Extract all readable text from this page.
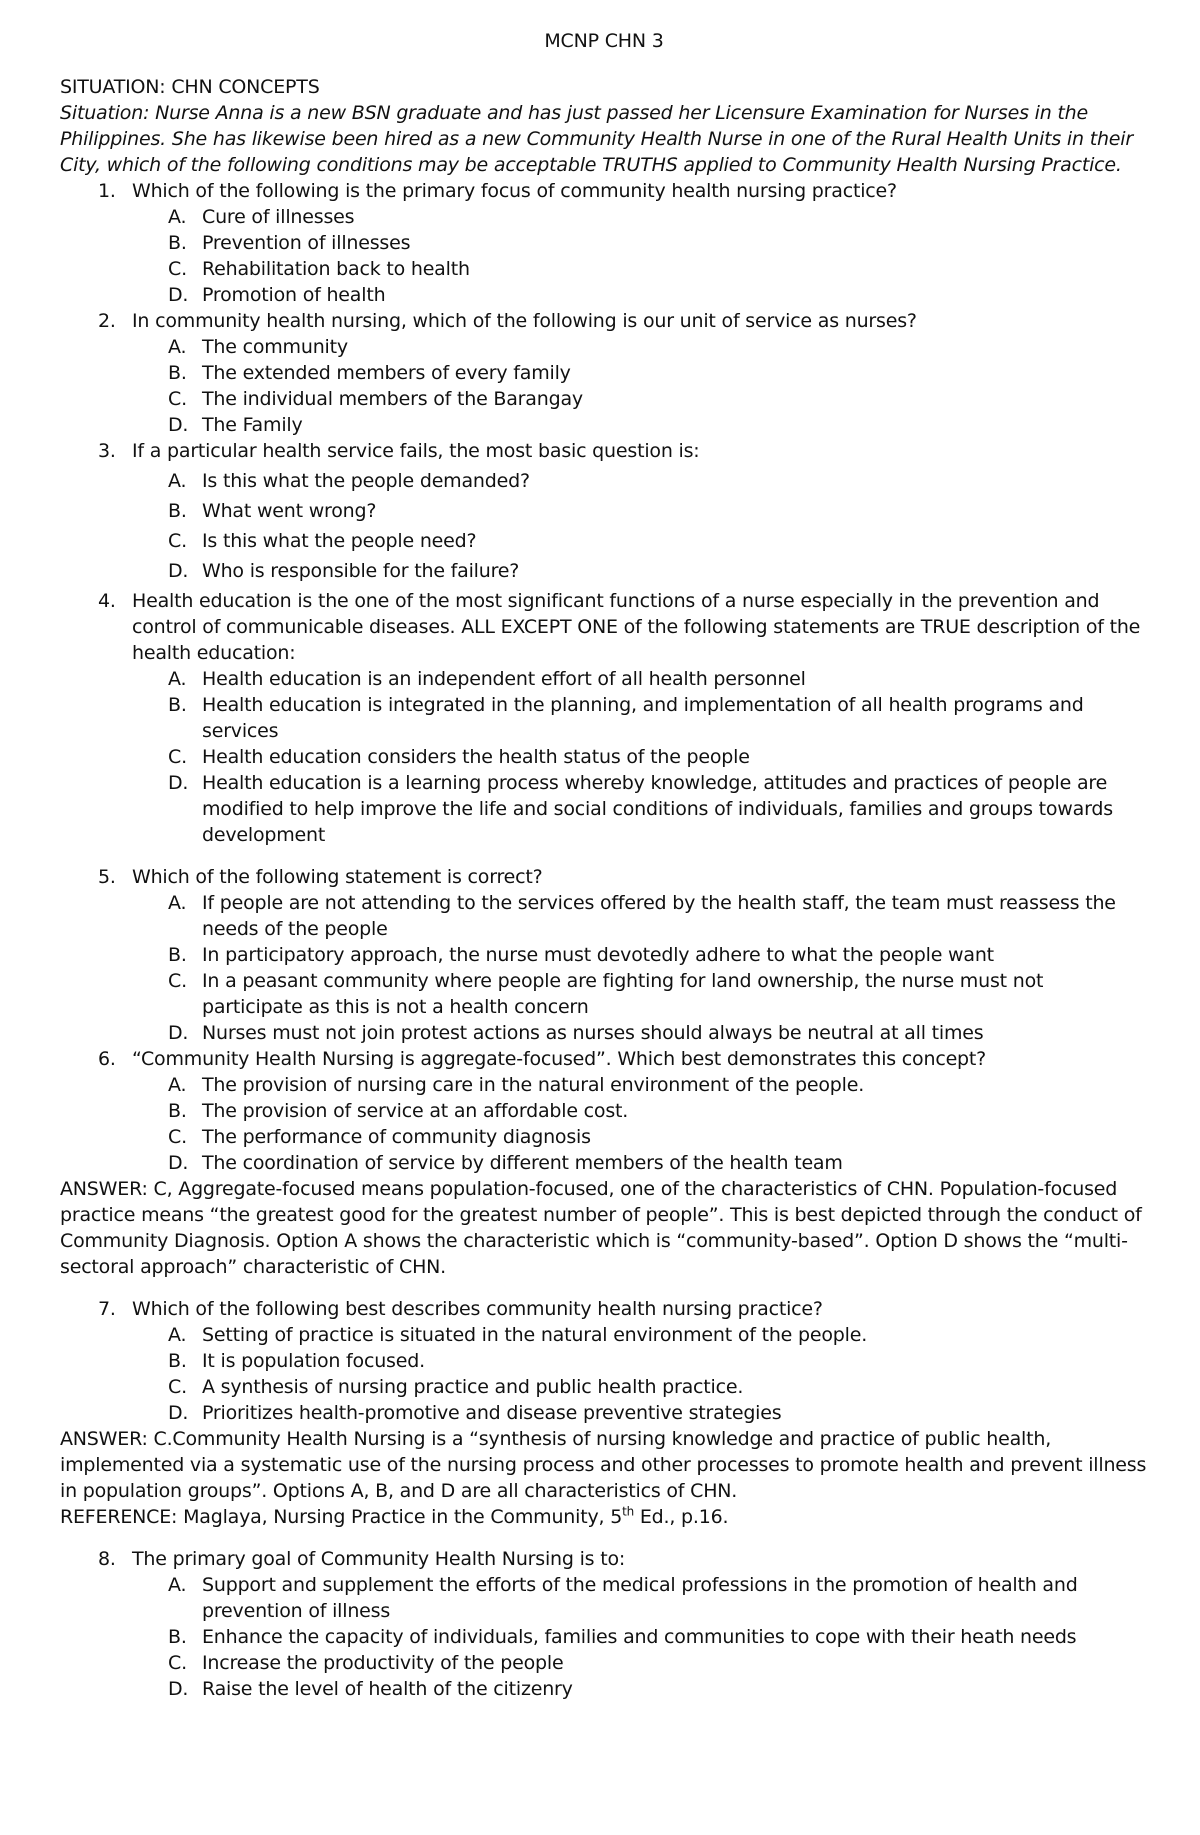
MCNP CHN 3
SITUATION: CHN CONCEPTS
Situation: Nurse Anna is a new BSN graduate and has just passed her Licensure Examination for Nurses in the Philippines. She has likewise been hired as a new Community Health Nurse in one of the Rural Health Units in their City, which of the following conditions may be acceptable TRUTHS applied to Community Health Nursing Practice.
1. Which of the following is the primary focus of community health nursing practice?
A. Cure of illnesses
B. Prevention of illnesses
C. Rehabilitation back to health
D. Promotion of health
2. In community health nursing, which of the following is our unit of service as nurses?
A. The community
B. The extended members of every family
C. The individual members of the Barangay
D. The Family
3. If a particular health service fails, the most basic question is:
A. Is this what the people demanded?
B. What went wrong?
C. Is this what the people need?
D. Who is responsible for the failure?
4. Health education is the one of the most significant functions of a nurse especially in the prevention and control of communicable diseases. ALL EXCEPT ONE of the following statements are TRUE description of the health education:
A. Health education is an independent effort of all health personnel
B. Health education is integrated in the planning, and implementation of all health programs and services
C. Health education considers the health status of the people
D. Health education is a learning process whereby knowledge, attitudes and practices of people are modified to help improve the life and social conditions of individuals, families and groups towards development
5. Which of the following statement is correct?
A. If people are not attending to the services offered by the health staff, the team must reassess the needs of the people
B. In participatory approach, the nurse must devotedly adhere to what the people want
C. In a peasant community where people are fighting for land ownership, the nurse must not participate as this is not a health concern
D. Nurses must not join protest actions as nurses should always be neutral at all times
6. “Community Health Nursing is aggregate-focused”. Which best demonstrates this concept?
A. The provision of nursing care in the natural environment of the people.
B. The provision of service at an affordable cost.
C. The performance of community diagnosis
D. The coordination of service by different members of the health team
ANSWER: C, Aggregate-focused means population-focused, one of the characteristics of CHN. Population-focused practice means “the greatest good for the greatest number of people”. This is best depicted through the conduct of Community Diagnosis. Option A shows the characteristic which is “community-based”. Option D shows the “multi-sectoral approach” characteristic of CHN.
7. Which of the following best describes community health nursing practice?
A. Setting of practice is situated in the natural environment of the people.
B. It is population focused.
C. A synthesis of nursing practice and public health practice.
D. Prioritizes health-promotive and disease preventive strategies
ANSWER: C.Community Health Nursing is a “synthesis of nursing knowledge and practice of public health, implemented via a systematic use of the nursing process and other processes to promote health and prevent illness in population groups”. Options A, B, and D are all characteristics of CHN.
REFERENCE: Maglaya, Nursing Practice in the Community, 5th Ed., p.16.
8. The primary goal of Community Health Nursing is to:
A. Support and supplement the efforts of the medical professions in the promotion of health and prevention of illness
B. Enhance the capacity of individuals, families and communities to cope with their heath needs
C. Increase the productivity of the people
D. Raise the level of health of the citizenry
